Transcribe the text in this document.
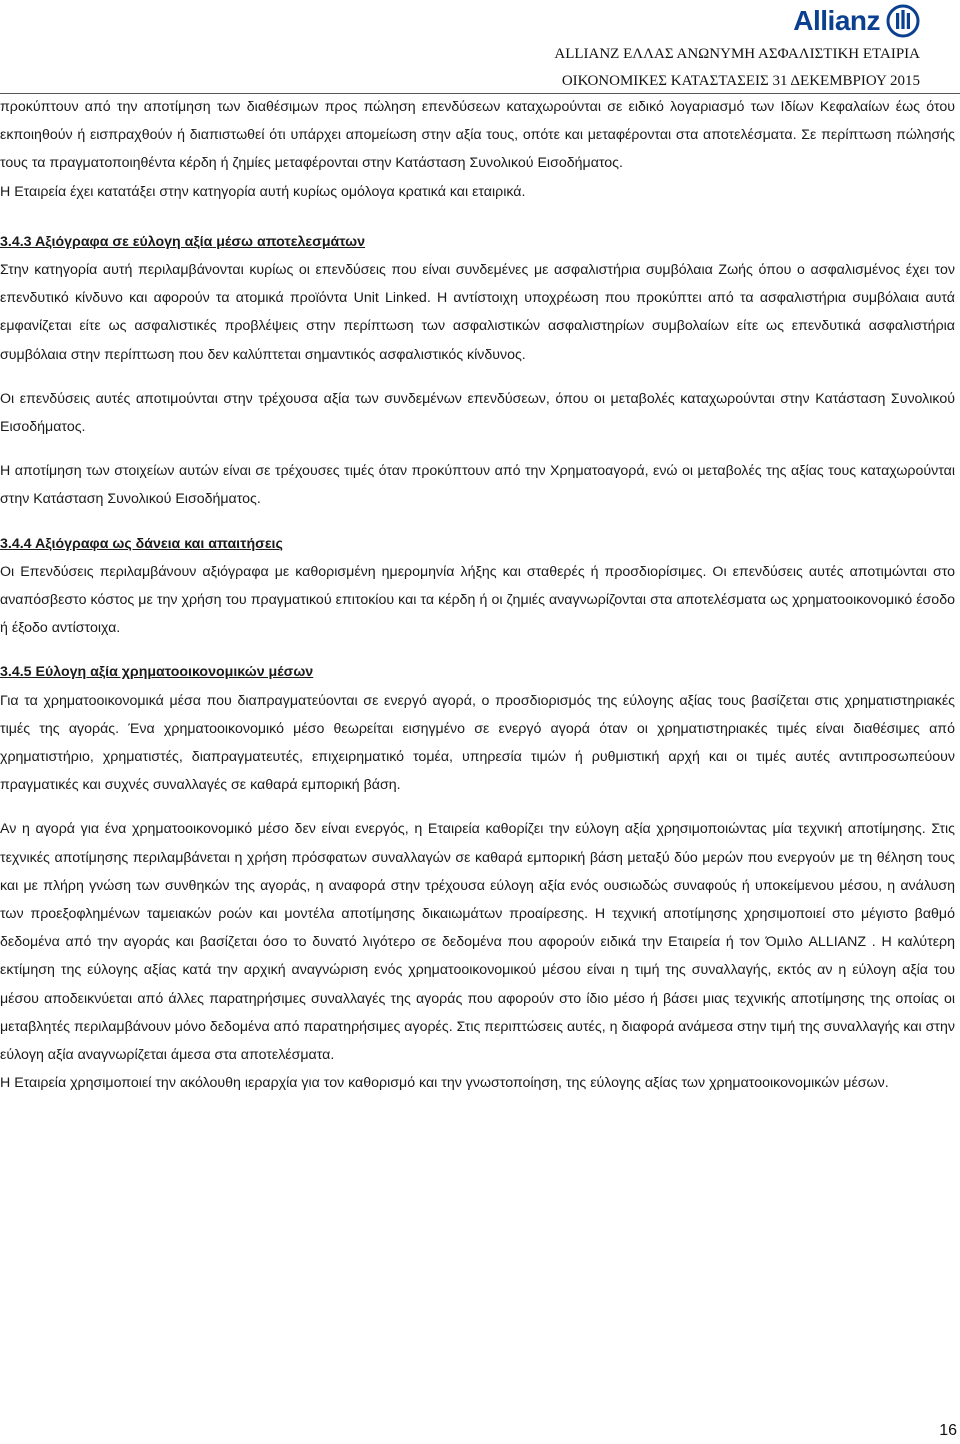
Allianz
ALLIANZ ΕΛΛΑΣ ΑΝΩΝΥΜΗ ΑΣΦΑΛΙΣΤΙΚΗ ΕΤΑΙΡΙΑ
ΟΙΚΟΝΟΜΙΚΕΣ ΚΑΤΑΣΤΑΣΕΙΣ 31 ΔΕΚΕΜΒΡΙΟΥ 2015

προκύπτουν από την αποτίμηση των διαθέσιμων προς πώληση επενδύσεων καταχωρούνται σε ειδικό λογαριασμό των Ιδίων Κεφαλαίων έως ότου εκποιηθούν ή εισπραχθούν ή διαπιστωθεί ότι υπάρχει απομείωση στην αξία τους, οπότε και μεταφέρονται στα αποτελέσματα. Σε περίπτωση πώλησής τους τα πραγματοποιηθέντα κέρδη ή ζημίες μεταφέρονται στην Κατάσταση Συνολικού Εισοδήματος.

Η Εταιρεία έχει κατατάξει στην κατηγορία αυτή κυρίως ομόλογα κρατικά και εταιρικά.

3.4.3 Αξιόγραφα σε εύλογη αξία μέσω αποτελεσμάτων

Στην κατηγορία αυτή περιλαμβάνονται κυρίως οι επενδύσεις που είναι συνδεμένες με ασφαλιστήρια συμβόλαια Ζωής όπου ο ασφαλισμένος έχει τον επενδυτικό κίνδυνο και αφορούν τα ατομικά προϊόντα Unit Linked. Η αντίστοιχη υποχρέωση που προκύπτει από τα ασφαλιστήρια συμβόλαια αυτά εμφανίζεται είτε ως ασφαλιστικές προβλέψεις στην περίπτωση των ασφαλιστικών ασφαλιστηρίων συμβολαίων είτε ως επενδυτικά ασφαλιστήρια συμβόλαια στην περίπτωση που δεν καλύπτεται σημαντικός ασφαλιστικός κίνδυνος.

Οι επενδύσεις αυτές αποτιμούνται στην τρέχουσα αξία των συνδεμένων επενδύσεων, όπου οι μεταβολές καταχωρούνται στην Κατάσταση Συνολικού Εισοδήματος.

Η αποτίμηση των στοιχείων αυτών είναι σε τρέχουσες τιμές όταν προκύπτουν από την Χρηματοαγορά, ενώ οι μεταβολές της αξίας τους καταχωρούνται στην Κατάσταση Συνολικού Εισοδήματος.

3.4.4 Αξιόγραφα ως δάνεια και απαιτήσεις

Οι Επενδύσεις περιλαμβάνουν αξιόγραφα με καθορισμένη ημερομηνία λήξης και σταθερές ή προσδιορίσιμες. Οι επενδύσεις αυτές αποτιμώνται στο αναπόσβεστο κόστος με την χρήση του πραγματικού επιτοκίου και τα κέρδη ή οι ζημιές αναγνωρίζονται στα αποτελέσματα ως χρηματοοικονομικό έσοδο ή έξοδο αντίστοιχα.

3.4.5 Εύλογη αξία χρηματοοικονομικών μέσων

Για τα χρηματοοικονομικά μέσα που διαπραγματεύονται σε ενεργό αγορά, ο προσδιορισμός της εύλογης αξίας τους βασίζεται στις χρηματιστηριακές τιμές της αγοράς. Ένα χρηματοοικονομικό μέσο θεωρείται εισηγμένο σε ενεργό αγορά όταν οι χρηματιστηριακές τιμές είναι διαθέσιμες από χρηματιστήριο, χρηματιστές, διαπραγματευτές, επιχειρηματικό τομέα, υπηρεσία τιμών ή ρυθμιστική αρχή και οι τιμές αυτές αντιπροσωπεύουν πραγματικές και συχνές συναλλαγές σε καθαρά εμπορική βάση.

Αν η αγορά για ένα χρηματοοικονομικό μέσο δεν είναι ενεργός, η Εταιρεία καθορίζει την εύλογη αξία χρησιμοποιώντας μία τεχνική αποτίμησης. Στις τεχνικές αποτίμησης περιλαμβάνεται η χρήση πρόσφατων συναλλαγών σε καθαρά εμπορική βάση μεταξύ δύο μερών που ενεργούν με τη θέληση τους και με πλήρη γνώση των συνθηκών της αγοράς, η αναφορά στην τρέχουσα εύλογη αξία ενός ουσιωδώς συναφούς ή υποκείμενου μέσου, η ανάλυση των προεξοφλημένων ταμειακών ροών και μοντέλα αποτίμησης δικαιωμάτων προαίρεσης. Η τεχνική αποτίμησης χρησιμοποιεί στο μέγιστο βαθμό δεδομένα από την αγοράς και βασίζεται όσο το δυνατό λιγότερο σε δεδομένα που αφορούν ειδικά την Εταιρεία ή τον Όμιλο ALLIANZ . Η καλύτερη εκτίμηση της εύλογης αξίας κατά την αρχική αναγνώριση ενός χρηματοοικονομικού μέσου είναι η τιμή της συναλλαγής, εκτός αν η εύλογη αξία του μέσου αποδεικνύεται από άλλες παρατηρήσιμες συναλλαγές της αγοράς που αφορούν στο ίδιο μέσο ή βάσει μιας τεχνικής αποτίμησης της οποίας οι μεταβλητές περιλαμβάνουν μόνο δεδομένα από παρατηρήσιμες αγορές. Στις περιπτώσεις αυτές, η διαφορά ανάμεσα στην τιμή της συναλλαγής και στην εύλογη αξία αναγνωρίζεται άμεσα στα αποτελέσματα.

Η Εταιρεία χρησιμοποιεί την ακόλουθη ιεραρχία για τον καθορισμό και την γνωστοποίηση, της εύλογης αξίας των χρηματοοικονομικών μέσων.

16
